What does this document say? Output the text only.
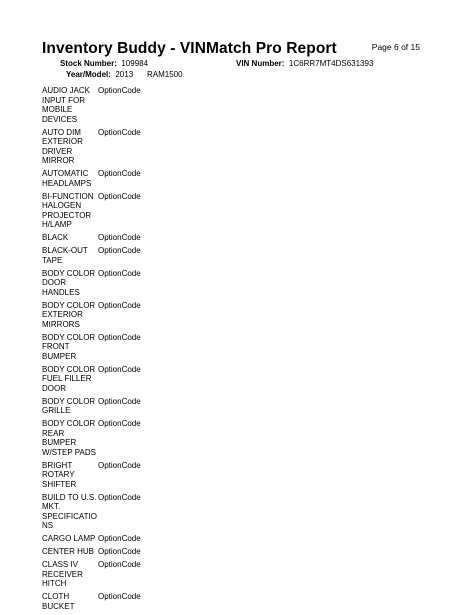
Page 6 of 15
Inventory Buddy - VINMatch Pro Report
Stock Number: 109984	VIN Number: 1C6RR7MT4DS631393
Year/Model: 2013 RAM1500
AUDIO JACK INPUT FOR MOBILE DEVICES
OptionCode
AUTO DIM EXTERIOR DRIVER MIRROR
OptionCode
AUTOMATIC HEADLAMPS
OptionCode
BI-FUNCTION HALOGEN PROJECTOR H/LAMP
OptionCode
BLACK	OptionCode
BLACK-OUT TAPE
OptionCode
BODY COLOR DOOR HANDLES
OptionCode
BODY COLOR EXTERIOR MIRRORS
OptionCode
BODY COLOR FRONT BUMPER
OptionCode
BODY COLOR FUEL FILLER DOOR
OptionCode
BODY COLOR GRILLE
OptionCode
BODY COLOR REAR BUMPER W/STEP PADS
OptionCode
BRIGHT ROTARY SHIFTER
OptionCode
BUILD TO U.S. MKT. SPECIFICATIONS
OptionCode
CARGO LAMP OptionCode
CENTER HUB OptionCode
CLASS IV RECEIVER HITCH
OptionCode
CLOTH BUCKET
OptionCode
